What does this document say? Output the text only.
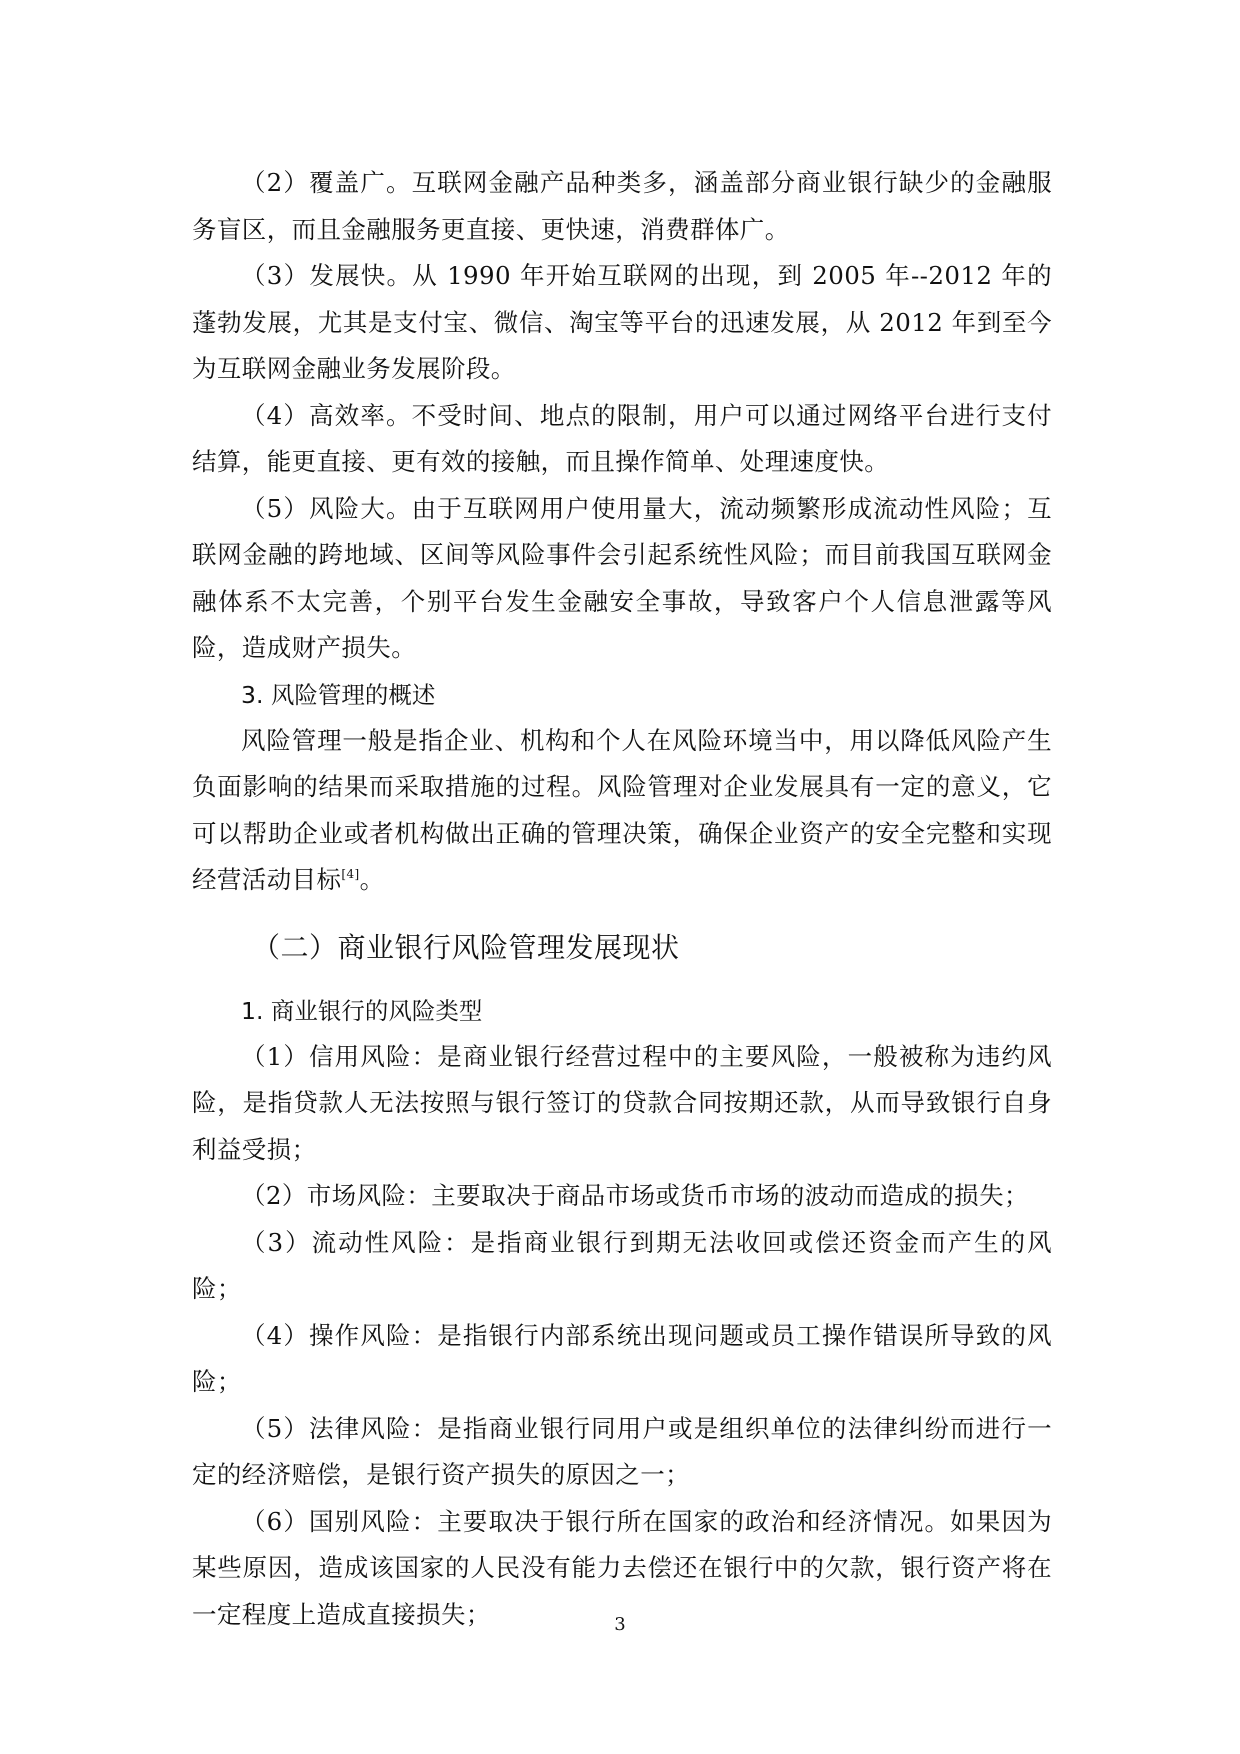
（2）覆盖广。互联网金融产品种类多，涵盖部分商业银行缺少的金融服务盲区，而且金融服务更直接、更快速，消费群体广。

（3）发展快。从 1990 年开始互联网的出现，到 2005 年--2012 年的蓬勃发展，尤其是支付宝、微信、淘宝等平台的迅速发展，从 2012 年到至今为互联网金融业务发展阶段。

（4）高效率。不受时间、地点的限制，用户可以通过网络平台进行支付结算，能更直接、更有效的接触，而且操作简单、处理速度快。

（5）风险大。由于互联网用户使用量大，流动频繁形成流动性风险；互联网金融的跨地域、区间等风险事件会引起系统性风险；而目前我国互联网金融体系不太完善，个别平台发生金融安全事故，导致客户个人信息泄露等风险，造成财产损失。

3. 风险管理的概述

风险管理一般是指企业、机构和个人在风险环境当中，用以降低风险产生负面影响的结果而采取措施的过程。风险管理对企业发展具有一定的意义，它可以帮助企业或者机构做出正确的管理决策，确保企业资产的安全完整和实现经营活动目标[4]。

（二）商业银行风险管理发展现状

1. 商业银行的风险类型

（1）信用风险：是商业银行经营过程中的主要风险，一般被称为违约风险，是指贷款人无法按照与银行签订的贷款合同按期还款，从而导致银行自身利益受损；

（2）市场风险：主要取决于商品市场或货币市场的波动而造成的损失；

（3）流动性风险：是指商业银行到期无法收回或偿还资金而产生的风险；

（4）操作风险：是指银行内部系统出现问题或员工操作错误所导致的风险；

（5）法律风险：是指商业银行同用户或是组织单位的法律纠纷而进行一定的经济赔偿，是银行资产损失的原因之一；

（6）国别风险：主要取决于银行所在国家的政治和经济情况。如果因为某些原因，造成该国家的人民没有能力去偿还在银行中的欠款，银行资产将在一定程度上造成直接损失；	3
